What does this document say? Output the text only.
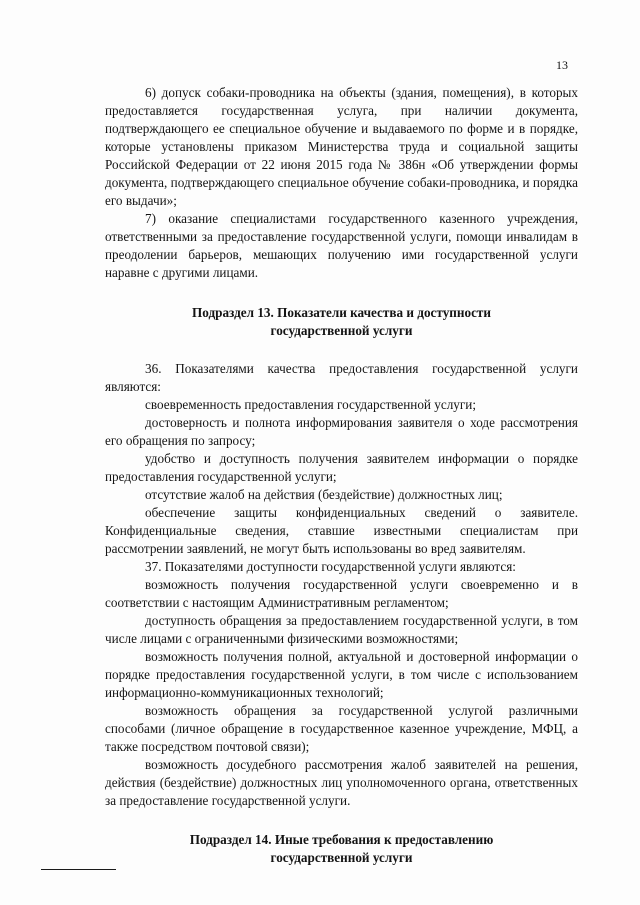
13

6) допуск собаки-проводника на объекты (здания, помещения), в которых предоставляется государственная услуга, при наличии документа, подтверждающего ее специальное обучение и выдаваемого по форме и в порядке, которые установлены приказом Министерства труда и социальной защиты Российской Федерации от 22 июня 2015 года № 386н «Об утверждении формы документа, подтверждающего специальное обучение собаки-проводника, и порядка его выдачи»;

7) оказание специалистами государственного казенного учреждения, ответственными за предоставление государственной услуги, помощи инвалидам в преодолении барьеров, мешающих получению ими государственной услуги наравне с другими лицами.

Подраздел 13. Показатели качества и доступности государственной услуги

36. Показателями качества предоставления государственной услуги являются:

своевременность предоставления государственной услуги;

достоверность и полнота информирования заявителя о ходе рассмотрения его обращения по запросу;

удобство и доступность получения заявителем информации о порядке предоставления государственной услуги;

отсутствие жалоб на действия (бездействие) должностных лиц;

обеспечение защиты конфиденциальных сведений о заявителе. Конфиденциальные сведения, ставшие известными специалистам при рассмотрении заявлений, не могут быть использованы во вред заявителям.

37. Показателями доступности государственной услуги являются:

возможность получения государственной услуги своевременно и в соответствии с настоящим Административным регламентом;

доступность обращения за предоставлением государственной услуги, в том числе лицами с ограниченными физическими возможностями;

возможность получения полной, актуальной и достоверной информации о порядке предоставления государственной услуги, в том числе с использованием информационно-коммуникационных технологий;

возможность обращения за государственной услугой различными способами (личное обращение в государственное казенное учреждение, МФЦ, а также посредством почтовой связи);

возможность досудебного рассмотрения жалоб заявителей на решения, действия (бездействие) должностных лиц уполномоченного органа, ответственных за предоставление государственной услуги.

Подраздел 14. Иные требования к предоставлению
государственной услуги
